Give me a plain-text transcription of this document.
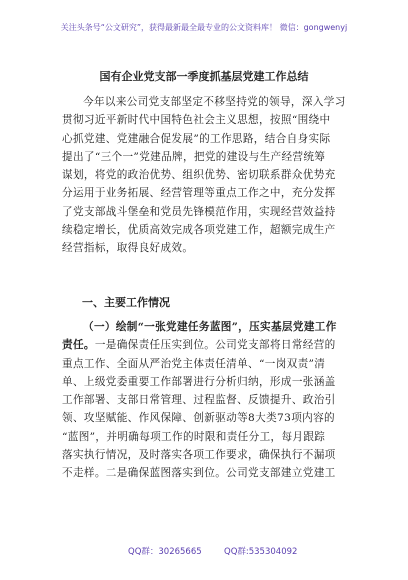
关注头条号“公文研究”，获得最新最全最专业的公文资料库！ 微信：gongwenyj
国有企业党支部一季度抓基层党建工作总结
今年以来公司党支部坚定不移坚持党的领导，深入学习
贯彻习近平新时代中国特色社会主义思想，按照“围绕中
心抓党建、党建融合促发展”的工作思路，结合自身实际
提出了“三个一”党建品牌，把党的建设与生产经营统筹
谋划，将党的政治优势、组织优势、密切联系群众优势充
分运用于业务拓展、经营管理等重点工作之中，充分发挥
了党支部战斗堡垒和党员先锋模范作用，实现经营效益持
续稳定增长，优质高效完成各项党建工作，超额完成生产
经营指标，取得良好成效。
一、主要工作情况
（一）绘制“一张党建任务蓝图”，压实基层党建工作
责任。一是确保责任压实到位。公司党支部将日常经营的
重点工作、全面从严治党主体责任清单、“一岗双责”清
单、上级党委重要工作部署进行分析归纳，形成一张涵盖
工作部署、支部日常管理、过程监督、反馈提升、政治引
领、攻坚赋能、作风保障、创新驱动等8大类73项内容的
“蓝图”，并明确每项工作的时限和责任分工，每月跟踪
落实执行情况，及时落实各项工作要求，确保执行不漏项
不走样。二是确保蓝图落实到位。公司党支部建立党建工
QQ群：30265665	QQ群:535304092
